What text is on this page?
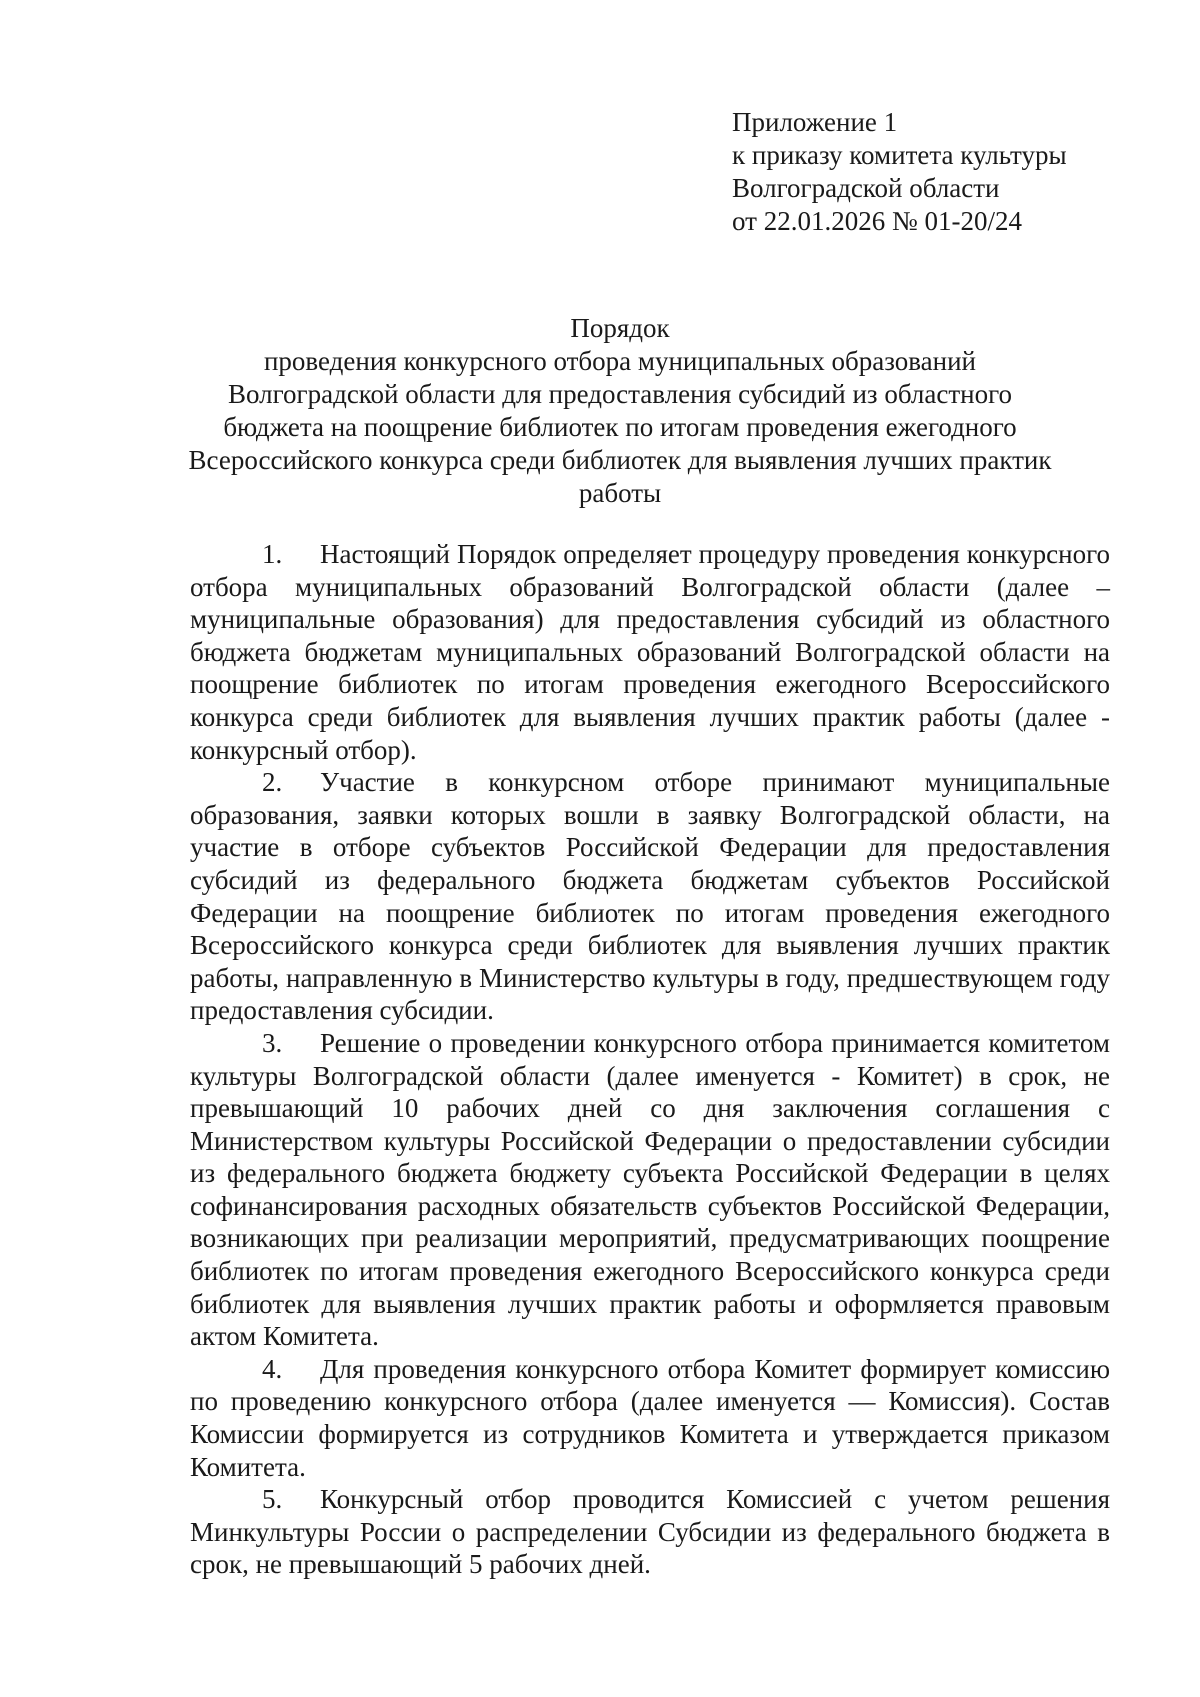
Приложение 1
к приказу комитета культуры
Волгоградской области
от 22.01.2026 № 01-20/24
Порядок
проведения конкурсного отбора муниципальных образований Волгоградской области для предоставления субсидий из областного бюджета на поощрение библиотек по итогам проведения ежегодного Всероссийского конкурса среди библиотек для выявления лучших практик работы

1. Настоящий Порядок определяет процедуру проведения конкурсного отбора муниципальных образований Волгоградской области (далее – муниципальные образования) для предоставления субсидий из областного бюджета бюджетам муниципальных образований Волгоградской области на поощрение библиотек по итогам проведения ежегодного Всероссийского конкурса среди библиотек для выявления лучших практик работы (далее - конкурсный отбор).

2. Участие в конкурсном отборе принимают муниципальные образования, заявки которых вошли в заявку Волгоградской области, на участие в отборе субъектов Российской Федерации для предоставления субсидий из федерального бюджета бюджетам субъектов Российской Федерации на поощрение библиотек по итогам проведения ежегодного Всероссийского конкурса среди библиотек для выявления лучших практик работы, направленную в Министерство культуры в году, предшествующем году предоставления субсидии.

3. Решение о проведении конкурсного отбора принимается комитетом культуры Волгоградской области (далее именуется - Комитет) в срок, не превышающий 10 рабочих дней со дня заключения соглашения с Министерством культуры Российской Федерации о предоставлении субсидии из федерального бюджета бюджету субъекта Российской Федерации в целях софинансирования расходных обязательств субъектов Российской Федерации, возникающих при реализации мероприятий, предусматривающих поощрение библиотек по итогам проведения ежегодного Всероссийского конкурса среди библиотек для выявления лучших практик работы и оформляется правовым актом Комитета.

4. Для проведения конкурсного отбора Комитет формирует комиссию по проведению конкурсного отбора (далее именуется — Комиссия). Состав Комиссии формируется из сотрудников Комитета и утверждается приказом Комитета.

5. Конкурсный отбор проводится Комиссией с учетом решения Минкультуры России о распределении Субсидии из федерального бюджета в срок, не превышающий 5 рабочих дней.
